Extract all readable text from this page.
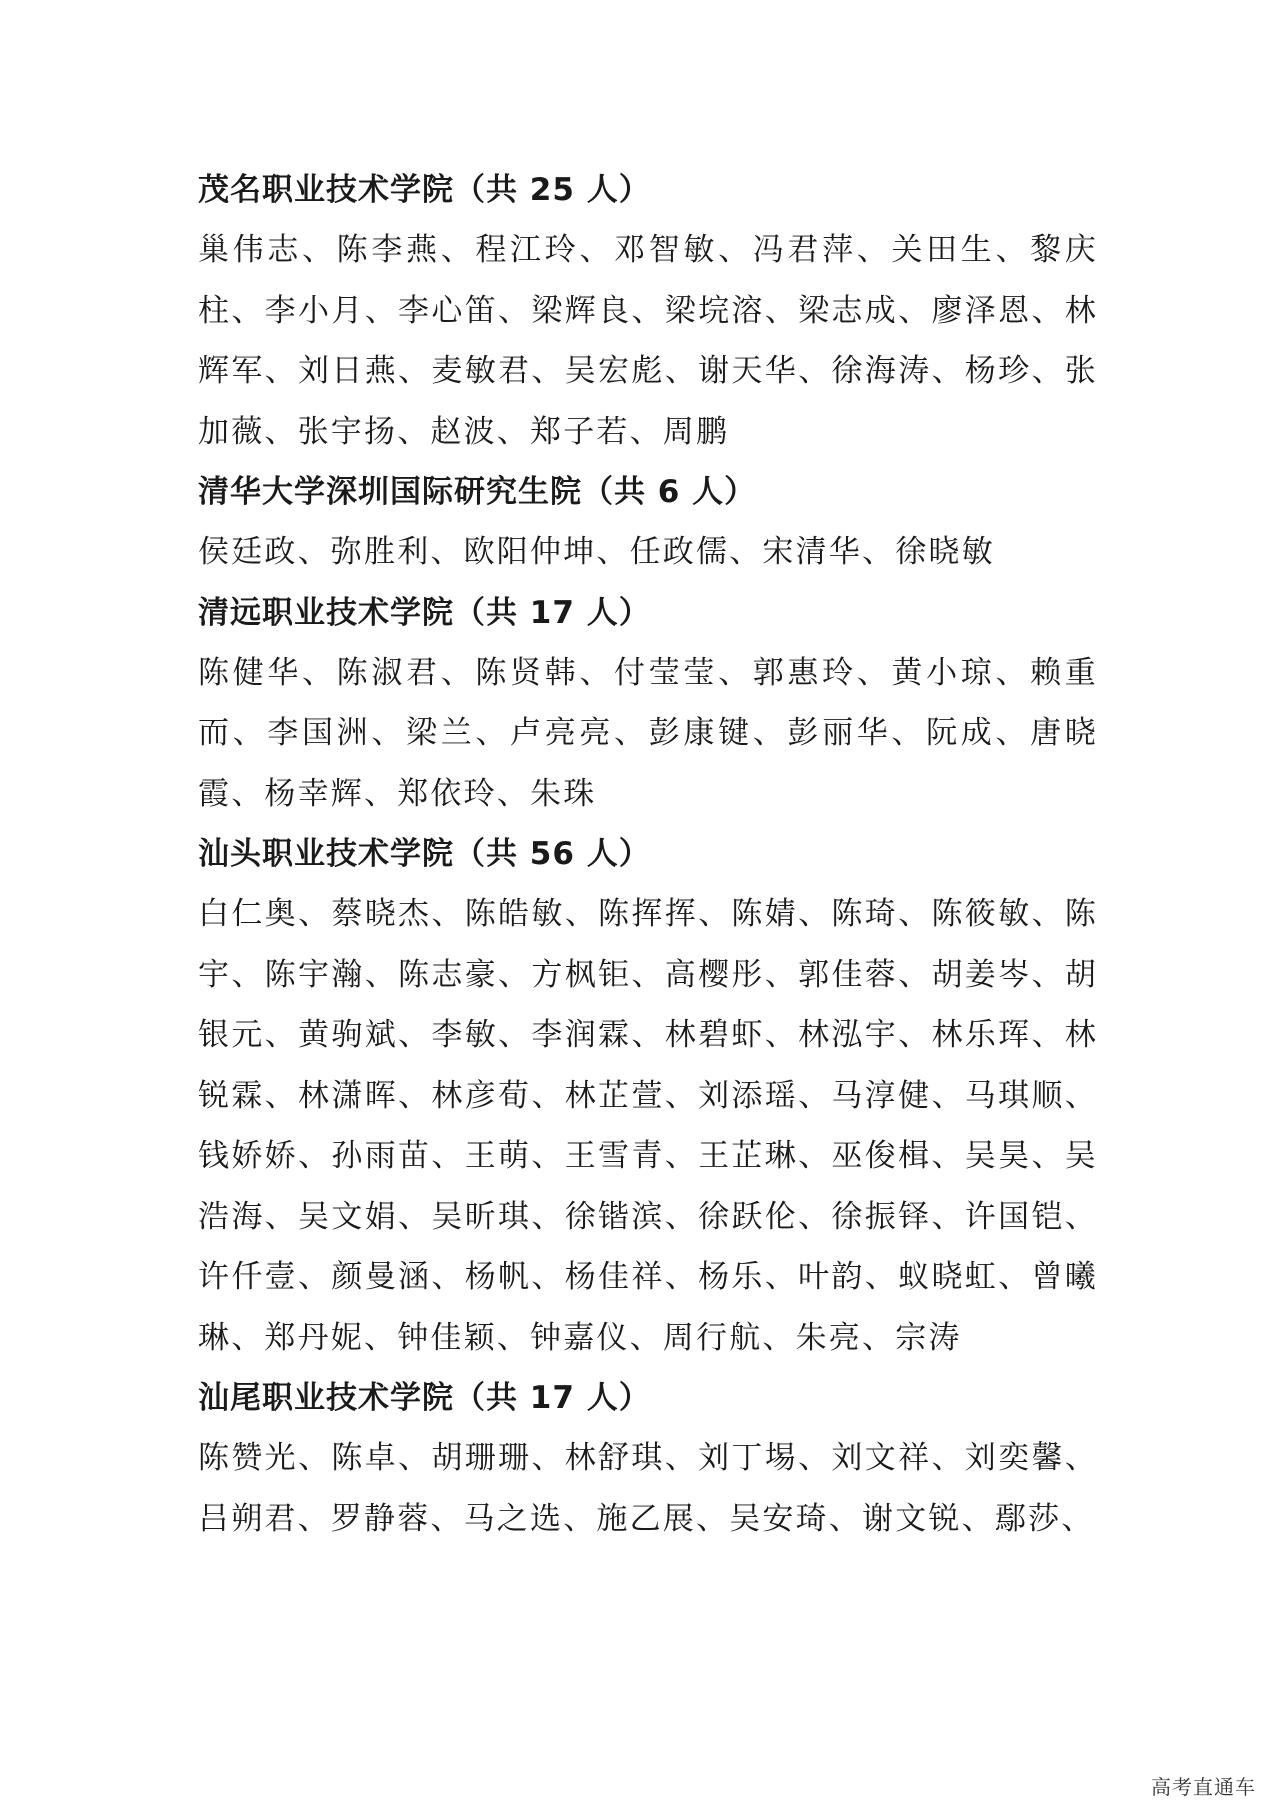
茂名职业技术学院（共 25 人）

巢伟志、陈李燕、程江玲、邓智敏、冯君萍、关田生、黎庆柱、李小月、李心笛、梁辉良、梁垸溶、梁志成、廖泽恩、林辉军、刘日燕、麦敏君、吴宏彪、谢天华、徐海涛、杨珍、张加薇、张宇扬、赵波、郑子若、周鹏

清华大学深圳国际研究生院（共 6 人）

侯廷政、弥胜利、欧阳仲坤、任政儒、宋清华、徐晓敏

清远职业技术学院（共 17 人）

陈健华、陈淑君、陈贤韩、付莹莹、郭惠玲、黄小琼、赖重而、李国洲、梁兰、卢亮亮、彭康键、彭丽华、阮成、唐晓霞、杨幸辉、郑依玲、朱珠

汕头职业技术学院（共 56 人）

白仁奥、蔡晓杰、陈皓敏、陈挥挥、陈婧、陈琦、陈筱敏、陈宇、陈宇瀚、陈志豪、方枫钜、高樱彤、郭佳蓉、胡姜岑、胡银元、黄驹斌、李敏、李润霖、林碧虾、林泓宇、林乐珲、林锐霖、林潇晖、林彦荀、林芷萱、刘添瑶、马淳健、马琪顺、钱娇娇、孙雨苗、王萌、王雪青、王芷琳、巫俊楫、吴昊、吴浩海、吴文娟、吴昕琪、徐锴滨、徐跃伦、徐振铎、许国铠、许仟壹、颜曼涵、杨帆、杨佳祥、杨乐、叶韵、蚁晓虹、曾曦琳、郑丹妮、钟佳颖、钟嘉仪、周行航、朱亮、宗涛

汕尾职业技术学院（共 17 人）

陈赞光、陈卓、胡珊珊、林舒琪、刘丁埸、刘文祥、刘奕馨、吕朔君、罗静蓉、马之选、施乙展、吴安琦、谢文锐、鄢莎、

高考直通车
